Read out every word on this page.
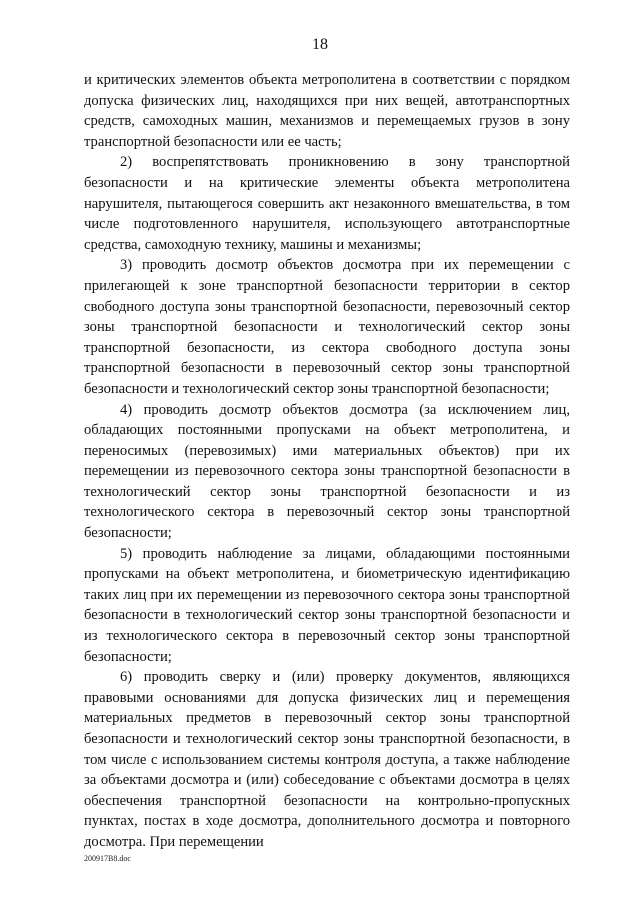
18

и критических элементов объекта метрополитена в соответствии с порядком допуска физических лиц, находящихся при них вещей, автотранспортных средств, самоходных машин, механизмов и перемещаемых грузов в зону транспортной безопасности или ее часть;

2) воспрепятствовать проникновению в зону транспортной безопасности и на критические элементы объекта метрополитена нарушителя, пытающегося совершить акт незаконного вмешательства, в том числе подготовленного нарушителя, использующего автотранспортные средства, самоходную технику, машины и механизмы;

3) проводить досмотр объектов досмотра при их перемещении с прилегающей к зоне транспортной безопасности территории в сектор свободного доступа зоны транспортной безопасности, перевозочный сектор зоны транспортной безопасности и технологический сектор зоны транспортной безопасности, из сектора свободного доступа зоны транспортной безопасности в перевозочный сектор зоны транспортной безопасности и технологический сектор зоны транспортной безопасности;

4) проводить досмотр объектов досмотра (за исключением лиц, обладающих постоянными пропусками на объект метрополитена, и переносимых (перевозимых) ими материальных объектов) при их перемещении из перевозочного сектора зоны транспортной безопасности в технологический сектор зоны транспортной безопасности и из технологического сектора в перевозочный сектор зоны транспортной безопасности;

5) проводить наблюдение за лицами, обладающими постоянными пропусками на объект метрополитена, и биометрическую идентификацию таких лиц при их перемещении из перевозочного сектора зоны транспортной безопасности в технологический сектор зоны транспортной безопасности и из технологического сектора в перевозочный сектор зоны транспортной безопасности;

6) проводить сверку и (или) проверку документов, являющихся правовыми основаниями для допуска физических лиц и перемещения материальных предметов в перевозочный сектор зоны транспортной безопасности и технологический сектор зоны транспортной безопасности, в том числе с использованием системы контроля доступа, а также наблюдение за объектами досмотра и (или) собеседование с объектами досмотра в целях обеспечения транспортной безопасности на контрольно-пропускных пунктах, постах в ходе досмотра, дополнительного досмотра и повторного досмотра. При перемещении

200917B8.doc
